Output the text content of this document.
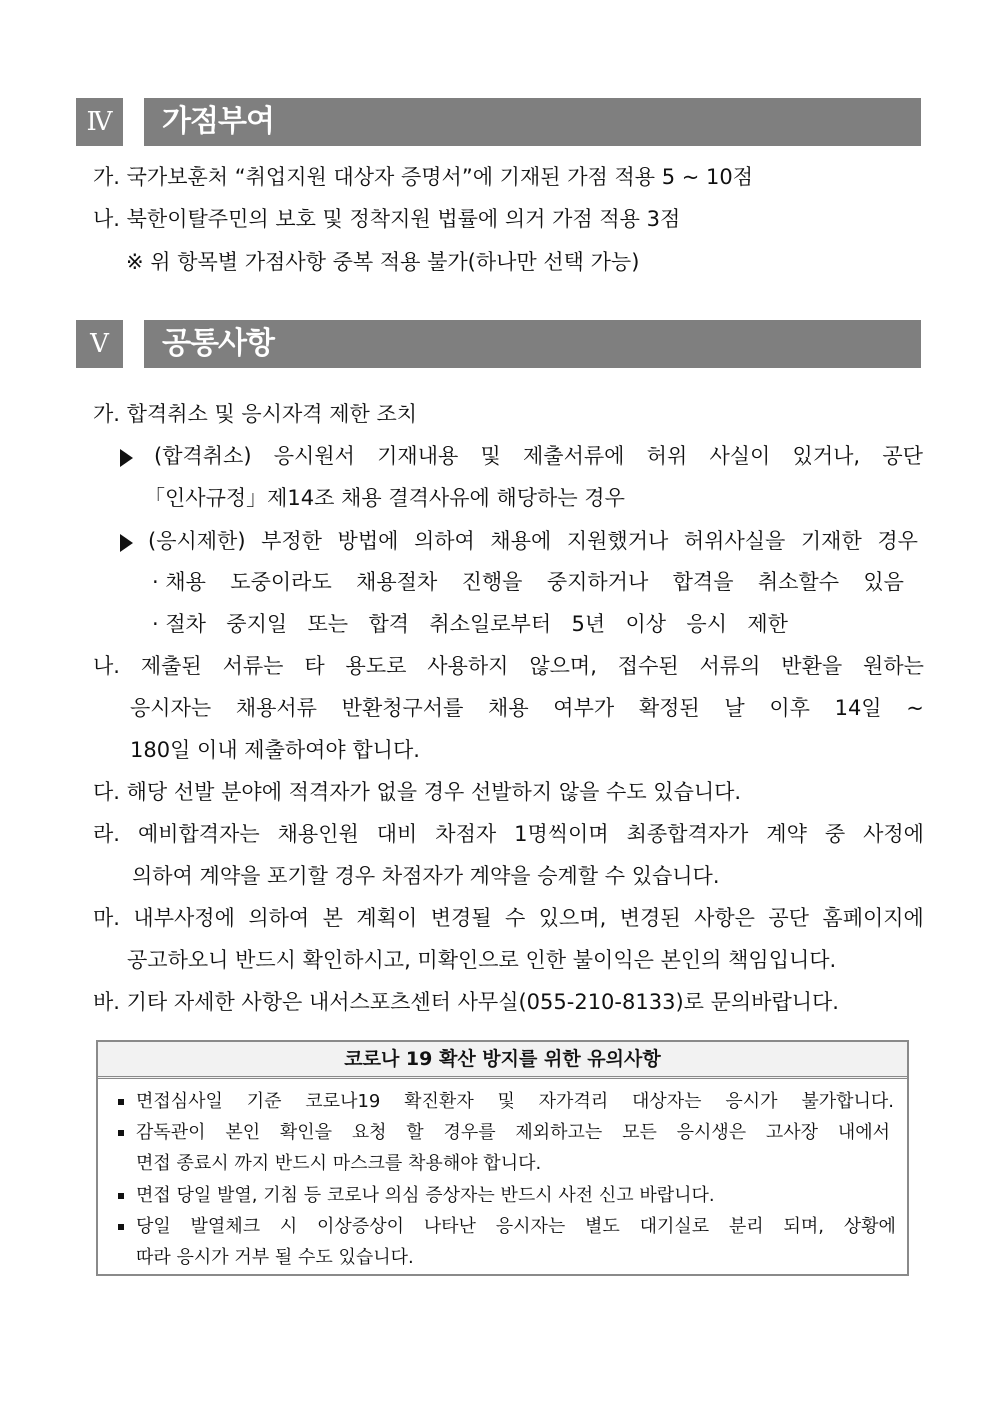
Ⅳ	가점부여
가. 국가보훈처 “취업지원 대상자 증명서”에 기재된 가점 적용 5 ~ 10점
나. 북한이탈주민의 보호 및 정착지원 법률에 의거 가점 적용 3점
※ 위 항목별 가점사항 중복 적용 불가(하나만 선택 가능)
Ⅴ	공통사항
가. 합격취소 및 응시자격 제한 조치
(합격취소) 응시원서 기재내용 및 제출서류에 허위 사실이 있거나, 공단
「인사규정」제14조 채용 결격사유에 해당하는 경우
(응시제한) 부정한 방법에 의하여 채용에 지원했거나 허위사실을 기재한 경우
· 채용 도중이라도 채용절차 진행을 중지하거나 합격을 취소할수 있음
· 절차 중지일 또는 합격 취소일로부터 5년 이상 응시 제한
나. 제출된 서류는 타 용도로 사용하지 않으며, 접수된 서류의 반환을 원하는
응시자는 채용서류 반환청구서를 채용 여부가 확정된 날 이후 14일 ~
180일 이내 제출하여야 합니다.
다. 해당 선발 분야에 적격자가 없을 경우 선발하지 않을 수도 있습니다.
라. 예비합격자는 채용인원 대비 차점자 1명씩이며 최종합격자가 계약 중 사정에
의하여 계약을 포기할 경우 차점자가 계약을 승계할 수 있습니다.
마. 내부사정에 의하여 본 계획이 변경될 수 있으며, 변경된 사항은 공단 홈페이지에
공고하오니 반드시 확인하시고, 미확인으로 인한 불이익은 본인의 책임입니다.
바. 기타 자세한 사항은 내서스포츠센터 사무실(055-210-8133)로 문의바랍니다.
코로나 19 확산 방지를 위한 유의사항
면접심사일 기준 코로나19 확진환자 및 자가격리 대상자는 응시가 불가합니다.
감독관이 본인 확인을 요청 할 경우를 제외하고는 모든 응시생은 고사장 내에서
면접 종료시 까지 반드시 마스크를 착용해야 합니다.
면접 당일 발열, 기침 등 코로나 의심 증상자는 반드시 사전 신고 바랍니다.
당일 발열체크 시 이상증상이 나타난 응시자는 별도 대기실로 분리 되며, 상황에
따라 응시가 거부 될 수도 있습니다.
